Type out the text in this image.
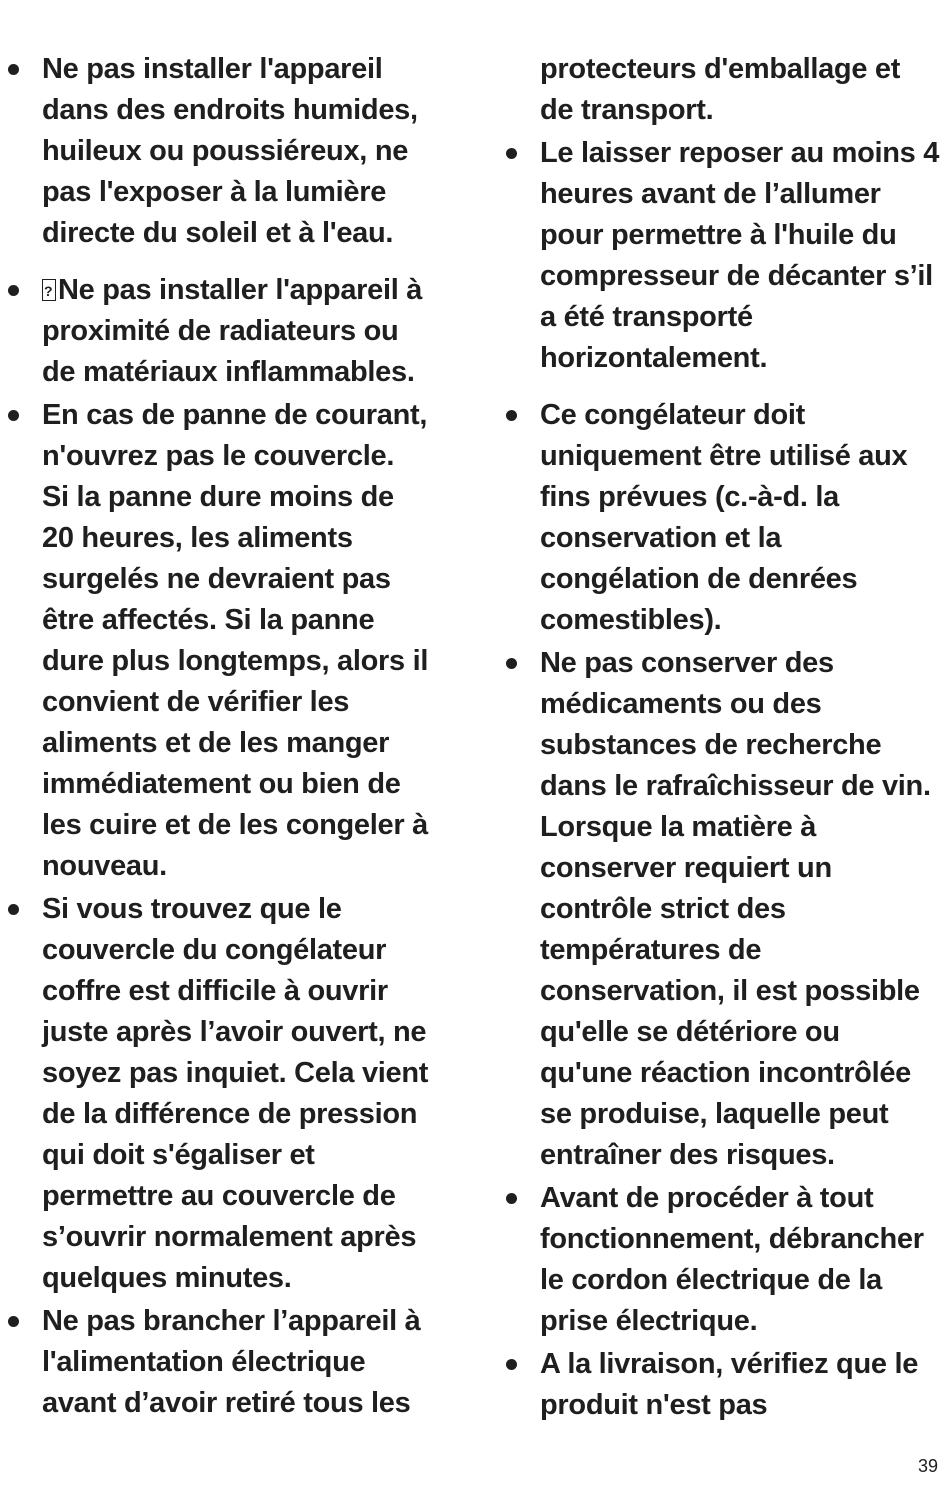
Ne pas installer l'appareil
dans des endroits humides,
huileux ou poussiéreux, ne
pas l'exposer à la lumière
directe du soleil et à l'eau.
?Ne pas installer l'appareil à
proximité de radiateurs ou
de matériaux inflammables.
En cas de panne de courant,
n'ouvrez pas le couvercle.
Si la panne dure moins de
20 heures, les aliments
surgelés ne devraient pas
être affectés. Si la panne
dure plus longtemps, alors il
convient de vérifier les
aliments et de les manger
immédiatement ou bien de
les cuire et de les congeler à
nouveau.
Si vous trouvez que le
couvercle du congélateur
coffre est difficile à ouvrir
juste après l’avoir ouvert, ne
soyez pas inquiet. Cela vient
de la différence de pression
qui doit s'égaliser et
permettre au couvercle de
s’ouvrir normalement après
quelques minutes.
Ne pas brancher l’appareil à
l'alimentation électrique
avant d’avoir retiré tous les
protecteurs d'emballage et
de transport.
Le laisser reposer au moins 4
heures avant de l’allumer
pour permettre à l'huile du
compresseur de décanter s’il
a été transporté
horizontalement.
Ce congélateur doit
uniquement être utilisé aux
fins prévues (c.-à-d. la
conservation et la
congélation de denrées
comestibles).
Ne pas conserver des
médicaments ou des
substances de recherche
dans le rafraîchisseur de vin.
Lorsque la matière à
conserver requiert un
contrôle strict des
températures de
conservation, il est possible
qu'elle se détériore ou
qu'une réaction incontrôlée
se produise, laquelle peut
entraîner des risques.
Avant de procéder à tout
fonctionnement, débrancher
le cordon électrique de la
prise électrique.
A la livraison, vérifiez que le
produit n'est pas
39
